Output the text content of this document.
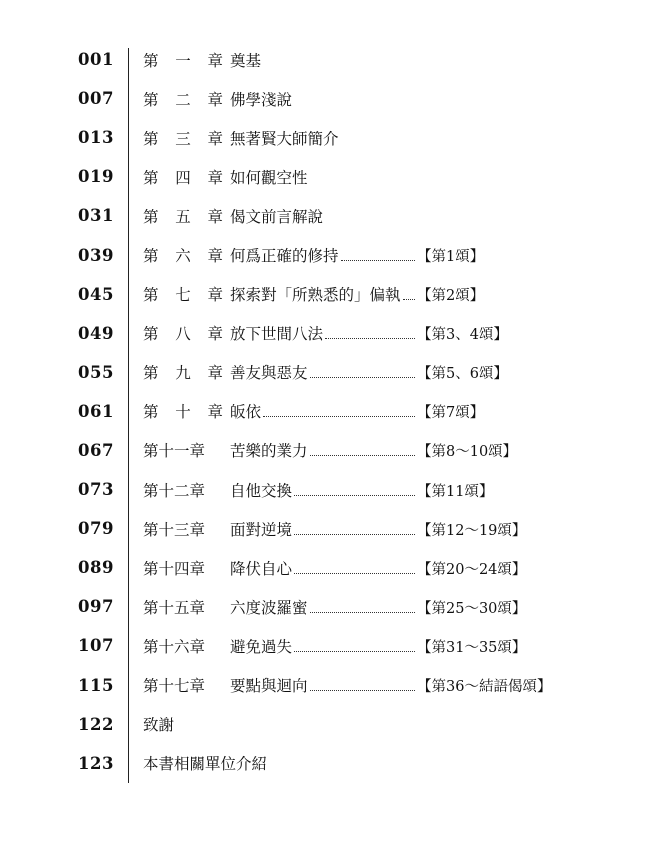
001	第 一 章 奠基
007	第 二 章 佛學淺說
013	第 三 章 無著賢大師簡介
019	第 四 章 如何觀空性
031	第 五 章 偈文前言解說
039	第 六 章 何爲正確的修持	【第1頌】
045	第 七 章 探索對「所熟悉的」偏執 【第2頌】
049	第 八 章 放下世間八法	【第3、4頌】
055	第 九 章 善友與惡友	【第5、6頌】
061	第 十 章 皈依	【第7頌】
067	第十一章	苦樂的業力	【第8～10頌】
073	第十二章	自他交換	【第11頌】
079	第十三章	面對逆境	【第12～19頌】
089	第十四章	降伏自心	【第20～24頌】
097	第十五章	六度波羅蜜	【第25～30頌】
107	第十六章	避免過失	【第31～35頌】
115	第十七章	要點與迴向	【第36～結語偈頌】
122	致謝
123	本書相關單位介紹
